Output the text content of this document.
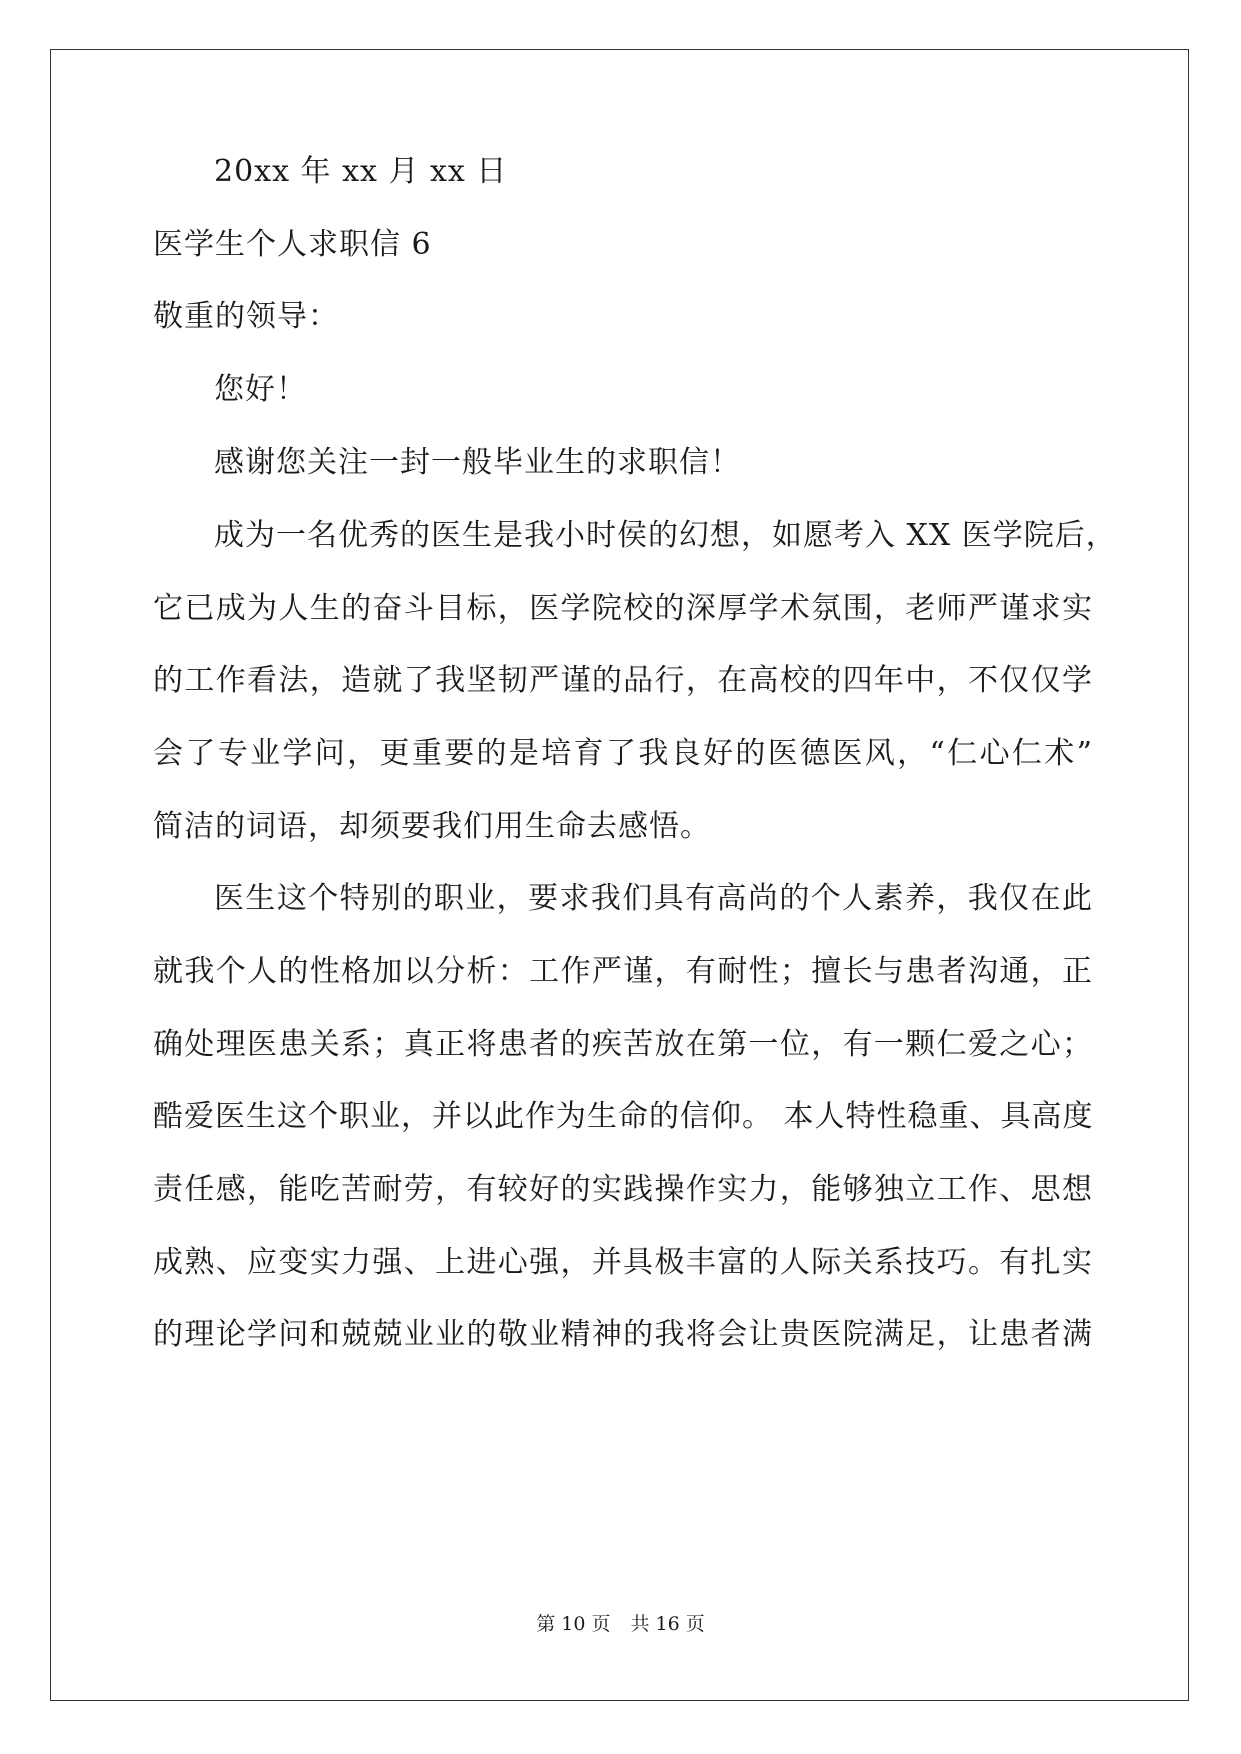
20xx 年 xx 月 xx 日
医学生个人求职信 6
敬重的领导：
您好！
感谢您关注一封一般毕业生的求职信！
成为一名优秀的医生是我小时侯的幻想，如愿考入 XX 医学院后，
它已成为人生的奋斗目标，医学院校的深厚学术氛围，老师严谨求实
的工作看法，造就了我坚韧严谨的品行，在高校的四年中，不仅仅学
会了专业学问，更重要的是培育了我良好的医德医风，“仁心仁术”
简洁的词语，却须要我们用生命去感悟。
医生这个特别的职业，要求我们具有高尚的个人素养，我仅在此
就我个人的性格加以分析：工作严谨，有耐性；擅长与患者沟通，正
确处理医患关系；真正将患者的疾苦放在第一位，有一颗仁爱之心；
酷爱医生这个职业，并以此作为生命的信仰。 本人特性稳重、具高度
责任感，能吃苦耐劳，有较好的实践操作实力，能够独立工作、思想
成熟、应变实力强、上进心强，并具极丰富的人际关系技巧。有扎实
的理论学问和兢兢业业的敬业精神的我将会让贵医院满足，让患者满
第 10 页 共 16 页
